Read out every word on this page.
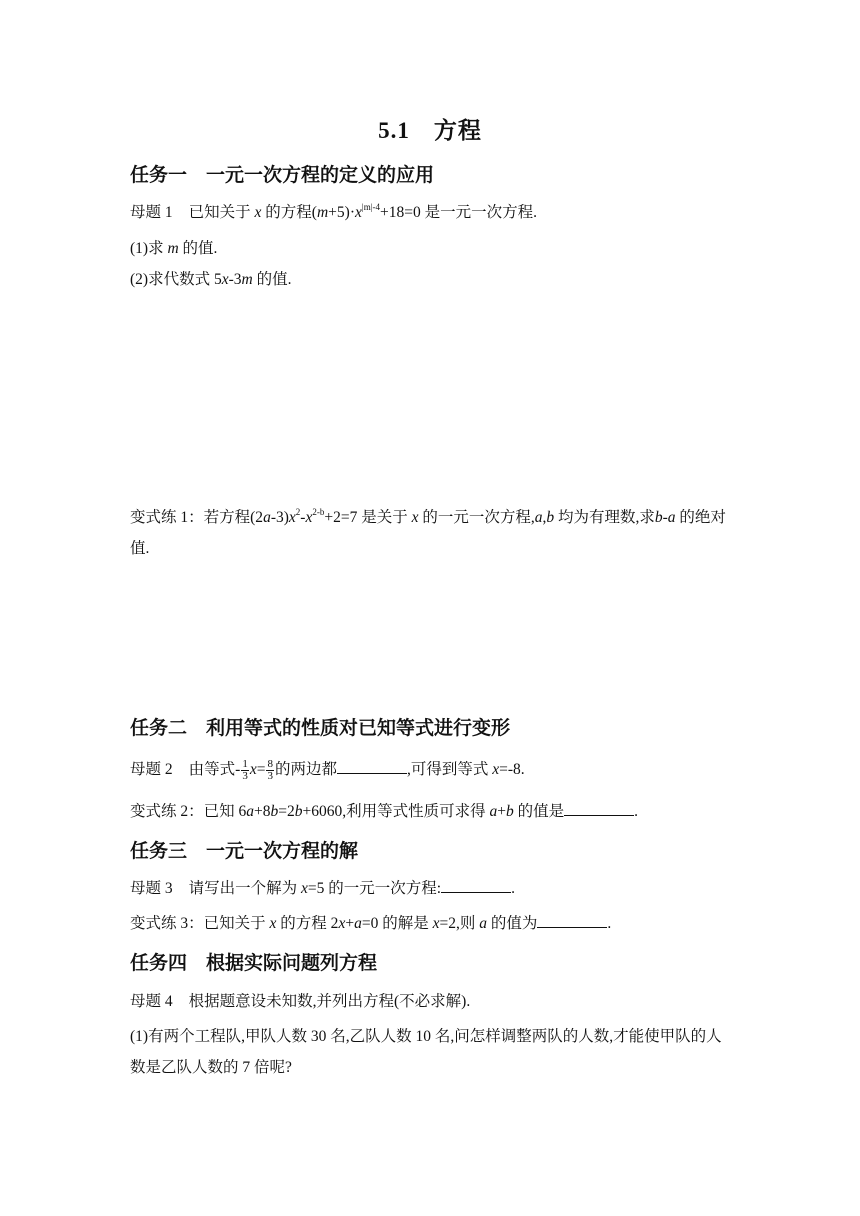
5.1　方程
任务一　一元一次方程的定义的应用
母题 1 已知关于 x 的方程$(m+5)\cdot x^{|m|-4}+18=0$ 是一元一次方程.
(1)求 m 的值.
(2)求代数式 5x-3m 的值.
变式练 1：若方程$(2a-3)x^2-x^{2-b}+2=7$ 是关于 x 的一元一次方程,a,b 均为有理数,求b-a 的绝对值.
任务二　利用等式的性质对已知等式进行变形
母题 2 由等式- $\frac{1}{3} x= \frac{8}{3}$ 的两边都	,可得到等式 x=-8.
变式练 2：已知 6a+8b=2b+6060,利用等式性质可求得 a+b 的值是	.
任务三　一元一次方程的解
母题 3 请写出一个解为 x=5 的一元一次方程:	.
变式练 3：已知关于 x 的方程 2x+a=0 的解是 x=2,则 a 的值为	.
任务四　根据实际问题列方程
母题 4 根据题意设未知数,并列出方程(不必求解).
(1)有两个工程队,甲队人数 30 名,乙队人数 10 名,问怎样调整两队的人数,才能使甲队的人数是乙队人数的 7 倍呢?
